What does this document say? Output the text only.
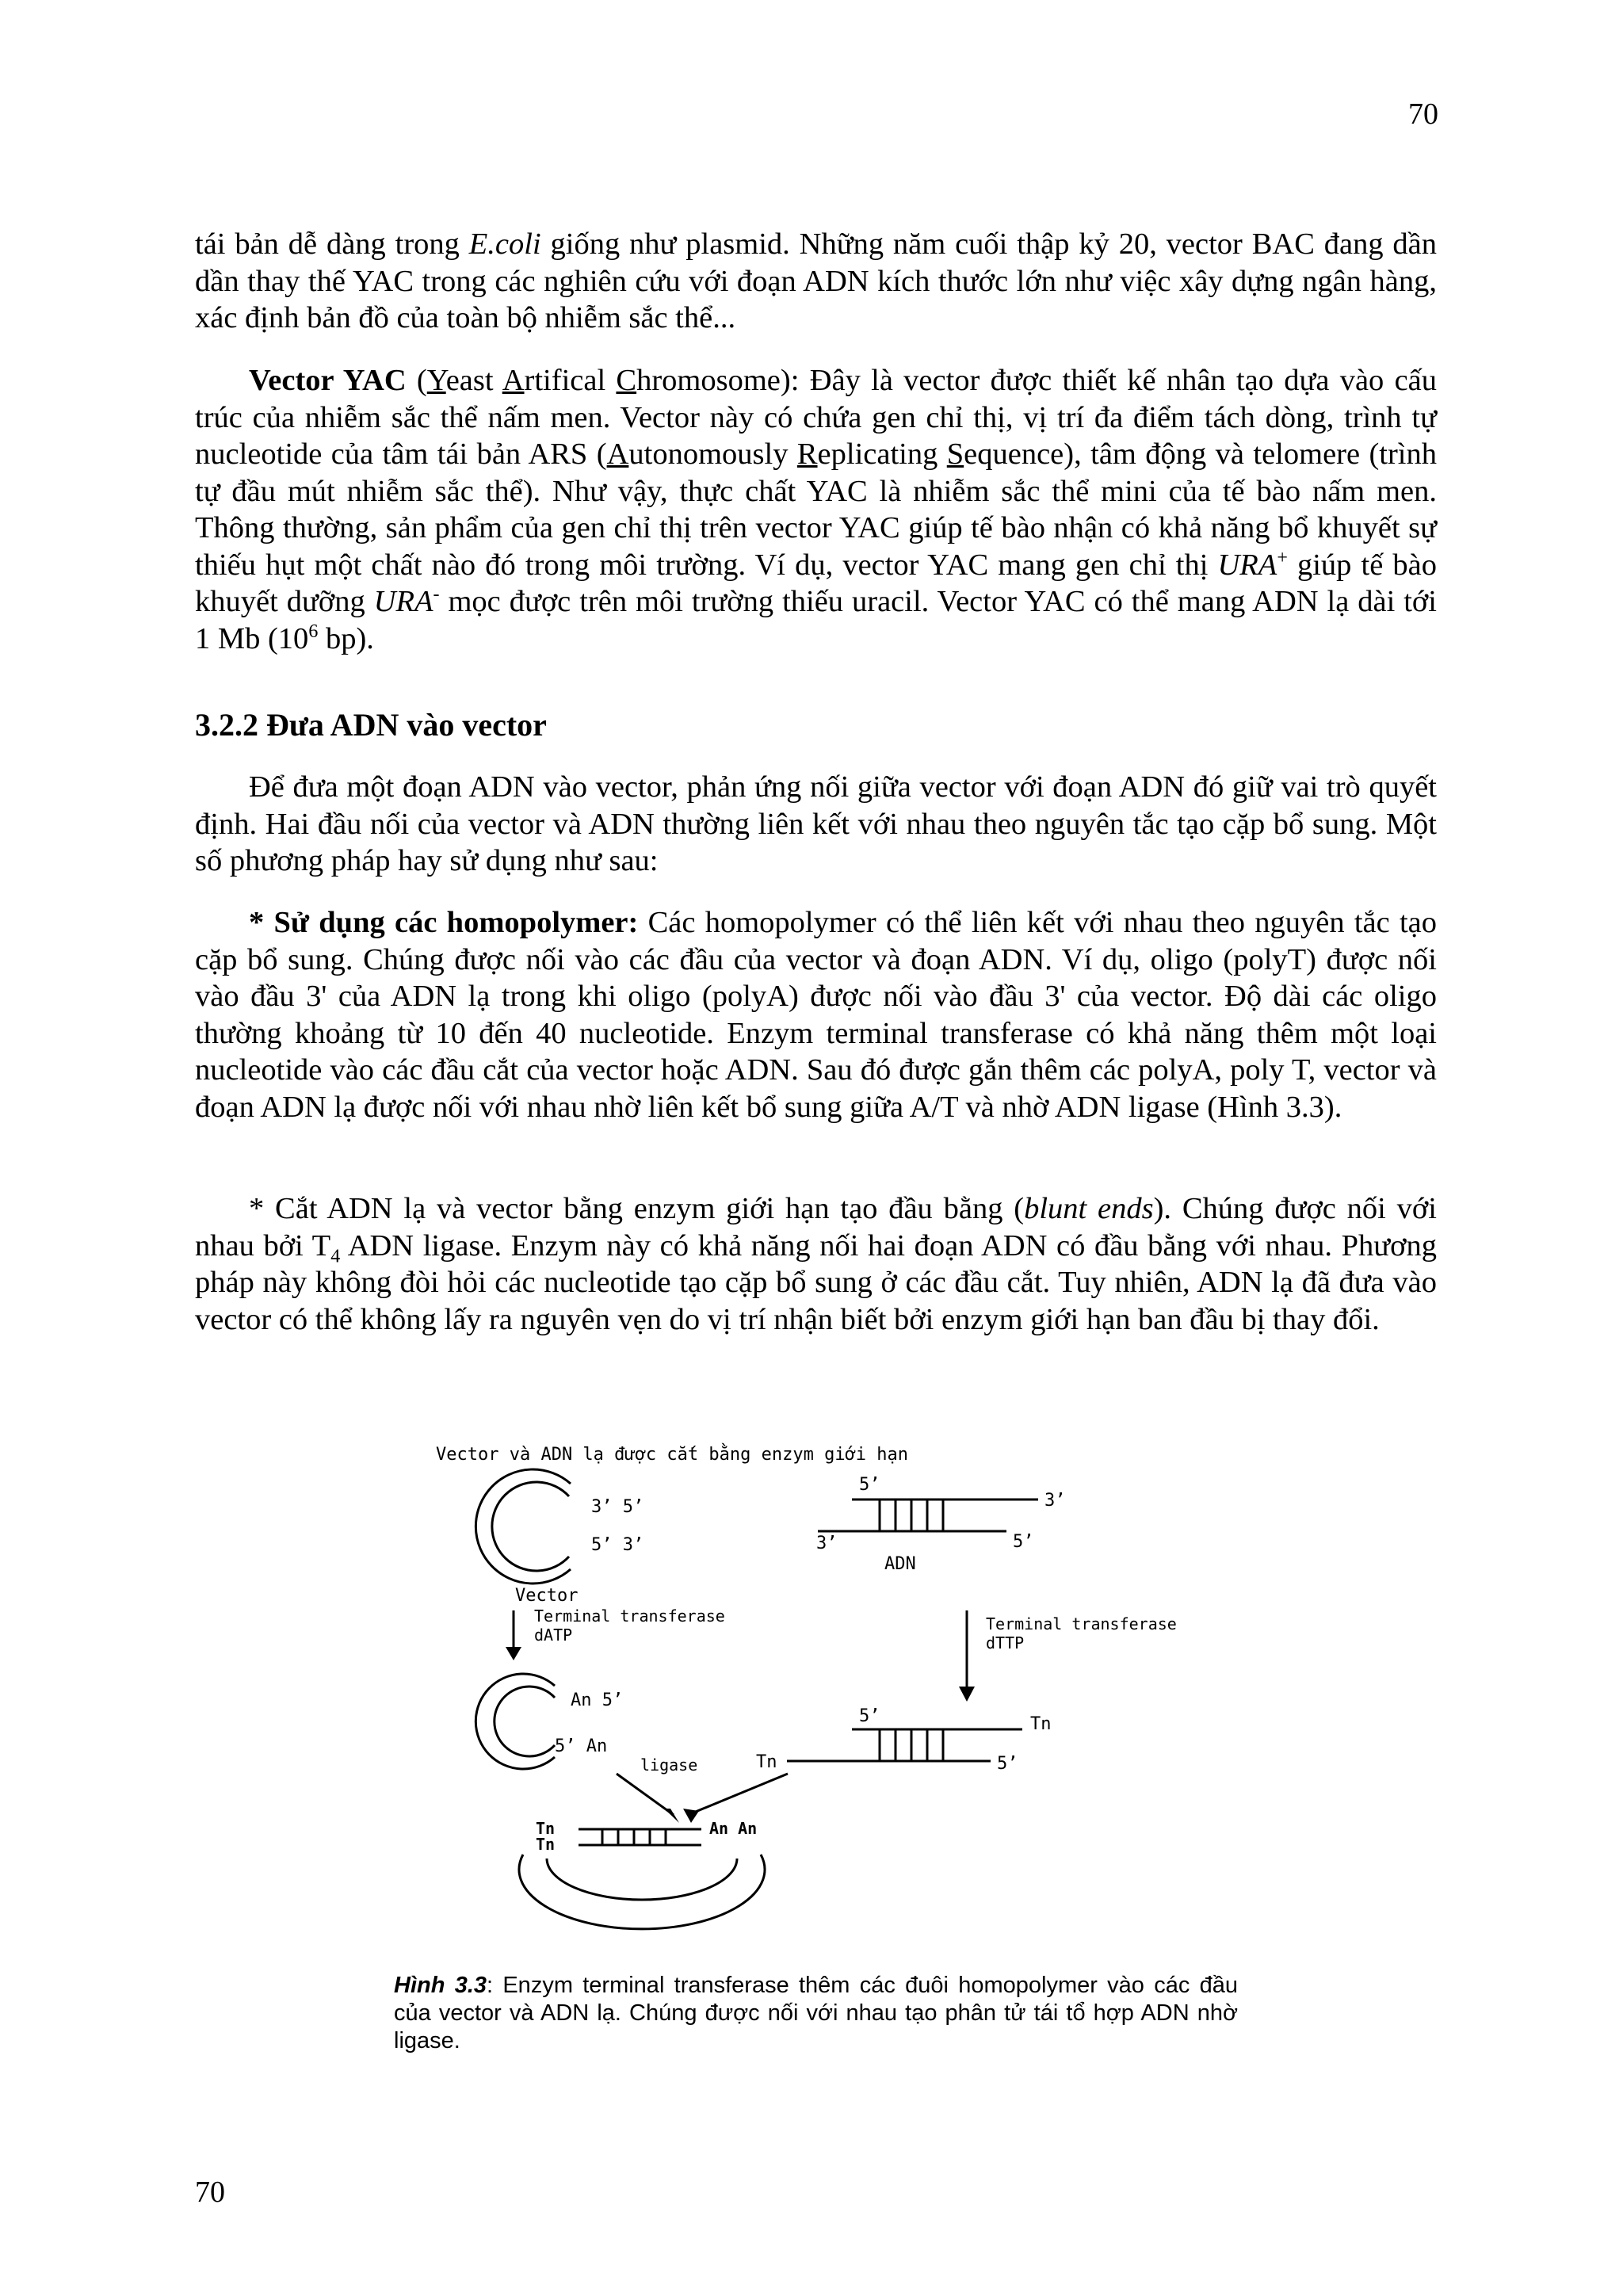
70

tái bản dễ dàng trong E.coli giống như plasmid. Những năm cuối thập kỷ 20, vector BAC đang dần dần thay thế YAC trong các nghiên cứu với đoạn ADN kích thước lớn như việc xây dựng ngân hàng, xác định bản đồ của toàn bộ nhiễm sắc thể...

Vector YAC (Yeast Artifical Chromosome): Đây là vector được thiết kế nhân tạo dựa vào cấu trúc của nhiễm sắc thể nấm men. Vector này có chứa gen chỉ thị, vị trí đa điểm tách dòng, trình tự nucleotide của tâm tái bản ARS (Autonomously Replicating Sequence), tâm động và telomere (trình tự đầu mút nhiễm sắc thể). Như vậy, thực chất YAC là nhiễm sắc thể mini của tế bào nấm men. Thông thường, sản phẩm của gen chỉ thị trên vector YAC giúp tế bào nhận có khả năng bổ khuyết sự thiếu hụt một chất nào đó trong môi trường. Ví dụ, vector YAC mang gen chỉ thị URA+ giúp tế bào khuyết dưỡng URA- mọc được trên môi trường thiếu uracil. Vector YAC có thể mang ADN lạ dài tới 1 Mb ($10^6$ bp).

3.2.2 Đưa ADN vào vector

Để đưa một đoạn ADN vào vector, phản ứng nối giữa vector với đoạn ADN đó giữ vai trò quyết định. Hai đầu nối của vector và ADN thường liên kết với nhau theo nguyên tắc tạo cặp bổ sung. Một số phương pháp hay sử dụng như sau:

* Sử dụng các homopolymer: Các homopolymer có thể liên kết với nhau theo nguyên tắc tạo cặp bổ sung. Chúng được nối vào các đầu của vector và đoạn ADN. Ví dụ, oligo (polyT) được nối vào đầu 3' của ADN lạ trong khi oligo (polyA) được nối vào đầu 3' của vector. Độ dài các oligo thường khoảng từ 10 đến 40 nucleotide. Enzym terminal transferase có khả năng thêm một loại nucleotide vào các đầu cắt của vector hoặc ADN. Sau đó được gắn thêm các polyA, poly T, vector và đoạn ADN lạ được nối với nhau nhờ liên kết bổ sung giữa A/T và nhờ ADN ligase (Hình 3.3).

* Cắt ADN lạ và vector bằng enzym giới hạn tạo đầu bằng (blunt ends). Chúng được nối với nhau bởi $T_4$ ADN ligase. Enzym này có khả năng nối hai đoạn ADN có đầu bằng với nhau. Phương pháp này không đòi hỏi các nucleotide tạo cặp bổ sung ở các đầu cắt. Tuy nhiên, ADN lạ đã đưa vào vector có thể không lấy ra nguyên vẹn do vị trí nhận biết bởi enzym giới hạn ban đầu bị thay đổi.

Vector và ADN lạ được cắt bằng enzym giới hạn
3’ 5’
5’ 3’
Vector
5’
3’
3’	5’
ADN
Terminal transferase
dATP
Terminal transferase
dTTP
An 5’
5’ An
5’	Tn
Tn	5’
ligase
Tn
Tn
An An
Hình 3.3: Enzym terminal transferase thêm các đuôi homopolymer vào các đầu của vector và ADN lạ. Chúng được nối với nhau tạo phân tử tái tổ hợp ADN nhờ ligase.
70
